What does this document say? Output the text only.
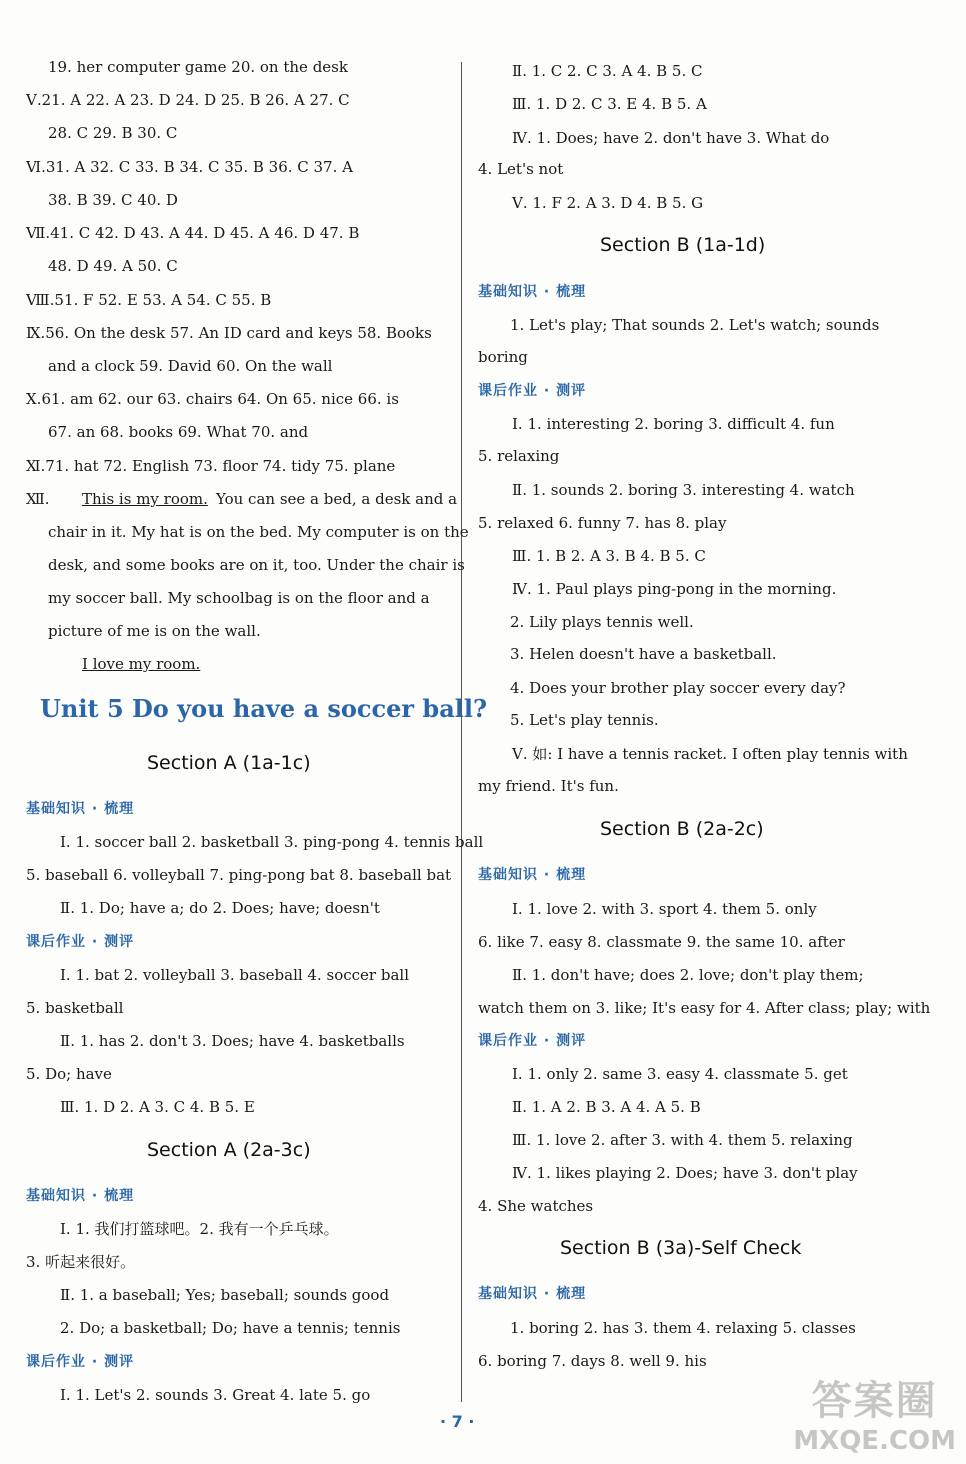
19. her computer game 20. on the desk
Ⅴ.21. A 22. A 23. D 24. D 25. B 26. A 27. C
28. C 29. B 30. C
Ⅵ.31. A 32. C 33. B 34. C 35. B 36. C 37. A
38. B 39. C 40. D
Ⅶ.41. C 42. D 43. A 44. D 45. A 46. D 47. B
48. D 49. A 50. C
Ⅷ.51. F 52. E 53. A 54. C 55. B
Ⅸ.56. On the desk 57. An ID card and keys 58. Books
and a clock 59. David 60. On the wall
Ⅹ.61. am 62. our 63. chairs 64. On 65. nice 66. is
67. an 68. books 69. What 70. and
Ⅺ.71. hat 72. English 73. floor 74. tidy 75. plane
Ⅻ. This is my room. You can see a bed, a desk and a
chair in it. My hat is on the bed. My computer is on the
desk, and some books are on it, too. Under the chair is
my soccer ball. My schoolbag is on the floor and a
picture of me is on the wall.
I love my room.
Unit 5 Do you have a soccer ball?
Section A (1a-1c)
基础知识 · 梳理
Ⅰ. 1. soccer ball 2. basketball 3. ping-pong 4. tennis ball
5. baseball 6. volleyball 7. ping-pong bat 8. baseball bat
Ⅱ. 1. Do; have a; do 2. Does; have; doesn't
课后作业 · 测评
Ⅰ. 1. bat 2. volleyball 3. baseball 4. soccer ball
5. basketball
Ⅱ. 1. has 2. don't 3. Does; have 4. basketballs
5. Do; have
Ⅲ. 1. D 2. A 3. C 4. B 5. E
Section A (2a-3c)
基础知识 · 梳理
Ⅰ. 1. 我们打篮球吧。2. 我有一个乒乓球。
3. 听起来很好。
Ⅱ. 1. a baseball; Yes; baseball; sounds good
2. Do; a basketball; Do; have a tennis; tennis
课后作业 · 测评
Ⅰ. 1. Let's 2. sounds 3. Great 4. late 5. go
Ⅱ. 1. C 2. C 3. A 4. B 5. C
Ⅲ. 1. D 2. C 3. E 4. B 5. A
Ⅳ. 1. Does; have 2. don't have 3. What do
4. Let's not
Ⅴ. 1. F 2. A 3. D 4. B 5. G
Section B (1a-1d)
基础知识 · 梳理
1. Let's play; That sounds 2. Let's watch; sounds
boring
课后作业 · 测评
Ⅰ. 1. interesting 2. boring 3. difficult 4. fun
5. relaxing
Ⅱ. 1. sounds 2. boring 3. interesting 4. watch
5. relaxed 6. funny 7. has 8. play
Ⅲ. 1. B 2. A 3. B 4. B 5. C
Ⅳ. 1. Paul plays ping-pong in the morning.
2. Lily plays tennis well.
3. Helen doesn't have a basketball.
4. Does your brother play soccer every day?
5. Let's play tennis.
Ⅴ. 如: I have a tennis racket. I often play tennis with
my friend. It's fun.
Section B (2a-2c)
基础知识 · 梳理
Ⅰ. 1. love 2. with 3. sport 4. them 5. only
6. like 7. easy 8. classmate 9. the same 10. after
Ⅱ. 1. don't have; does 2. love; don't play them;
watch them on 3. like; It's easy for 4. After class; play; with
课后作业 · 测评
Ⅰ. 1. only 2. same 3. easy 4. classmate 5. get
Ⅱ. 1. A 2. B 3. A 4. A 5. B
Ⅲ. 1. love 2. after 3. with 4. them 5. relaxing
Ⅳ. 1. likes playing 2. Does; have 3. don't play
4. She watches
Section B (3a)-Self Check
基础知识 · 梳理
1. boring 2. has 3. them 4. relaxing 5. classes
6. boring 7. days 8. well 9. his
· 7 ·	答案圈
MXQE.COM
